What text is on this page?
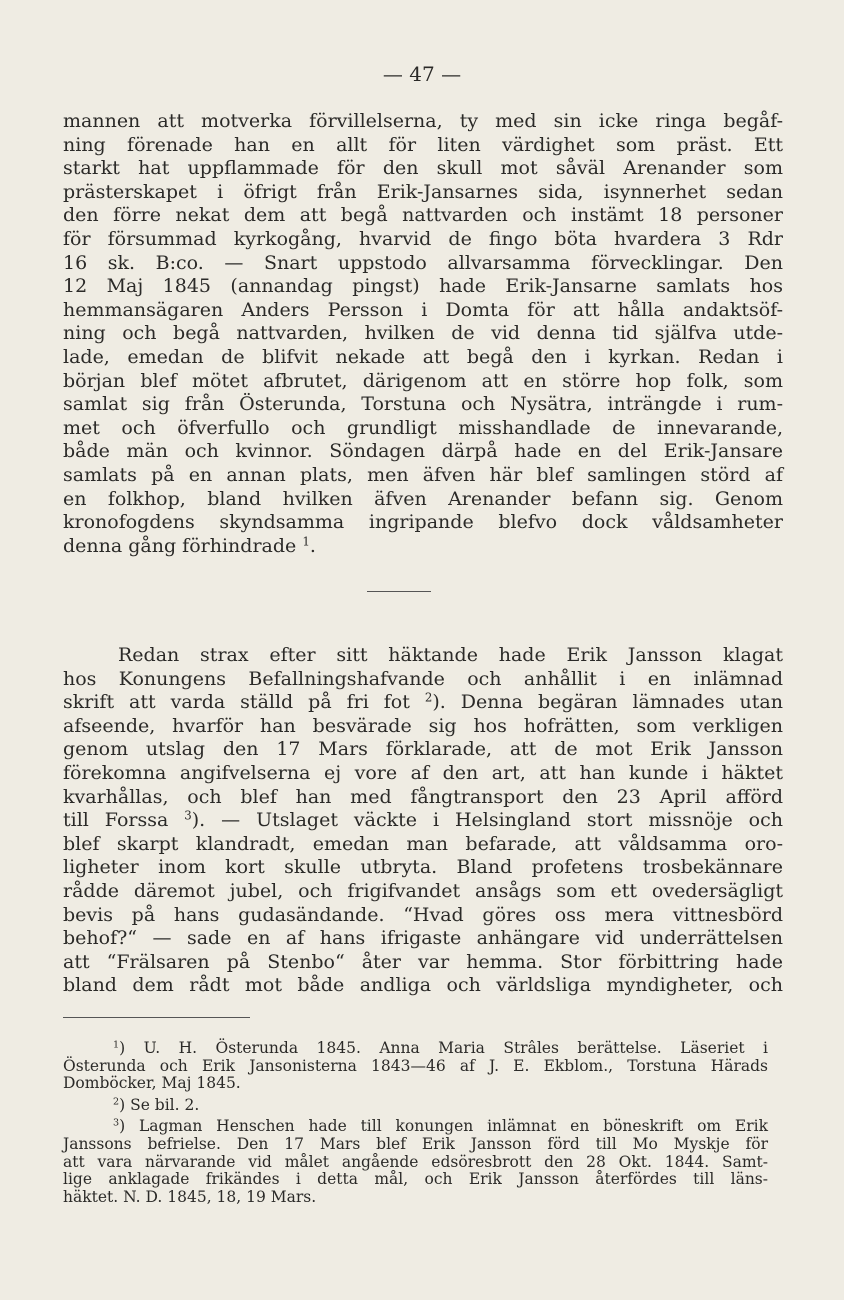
— 47 —
mannen att motverka förvillelserna, ty med sin icke ringa begåf-
ning förenade han en allt för liten värdighet som präst. Ett
starkt hat uppflammade för den skull mot såväl Arenander som
prästerskapet i öfrigt från Erik-Jansarnes sida, isynnerhet sedan
den förre nekat dem att begå nattvarden och instämt 18 personer
för försummad kyrkogång, hvarvid de fingo böta hvardera 3 Rdr
16 sk. B:co. — Snart uppstodo allvarsamma förvecklingar. Den
12 Maj 1845 (annandag pingst) hade Erik-Jansarne samlats hos
hemmansägaren Anders Persson i Domta för att hålla andaktsöf-
ning och begå nattvarden, hvilken de vid denna tid själfva utde-
lade, emedan de blifvit nekade att begå den i kyrkan. Redan i
början blef mötet afbrutet, därigenom att en större hop folk, som
samlat sig från Österunda, Torstuna och Nysätra, inträngde i rum-
met och öfverfullo och grundligt misshandlade de innevarande,
både män och kvinnor. Söndagen därpå hade en del Erik-Jansare
samlats på en annan plats, men äfven här blef samlingen störd af
en folkhop, bland hvilken äfven Arenander befann sig. Genom
kronofogdens skyndsamma ingripande blefvo dock våldsamheter
denna gång förhindrade $^1$.
Redan strax efter sitt häktande hade Erik Jansson klagat
hos Konungens Befallningshafvande och anhållit i en inlämnad
skrift att varda ställd på fri fot $^2$). Denna begäran lämnades utan
afseende, hvarför han besvärade sig hos hofrätten, som verkligen
genom utslag den 17 Mars förklarade, att de mot Erik Jansson
förekomna angifvelserna ej vore af den art, att han kunde i häktet
kvarhållas, och blef han med fångtransport den 23 April afförd
till Forssa $^3$). — Utslaget väckte i Helsingland stort missnöje och
blef skarpt klandradt, emedan man befarade, att våldsamma oro-
ligheter inom kort skulle utbryta. Bland profetens trosbekännare
rådde däremot jubel, och frigifvandet ansågs som ett ovedersägligt
bevis på hans gudasändande. “Hvad göres oss mera vittnesbörd
behof?“ — sade en af hans ifrigaste anhängare vid underrättelsen
att “Frälsaren på Stenbo“ åter var hemma. Stor förbittring hade
bland dem rådt mot både andliga och världsliga myndigheter, och
$^1$) U. H. Österunda 1845. Anna Maria Strâles berättelse. Läseriet i
Österunda och Erik Jansonisterna 1843—46 af J. E. Ekblom., Torstuna Härads
Domböcker, Maj 1845.
$^2$) Se bil. 2.
$^3$) Lagman Henschen hade till konungen inlämnat en böneskrift om Erik
Janssons befrielse. Den 17 Mars blef Erik Jansson förd till Mo Myskje för
att vara närvarande vid målet angående edsöresbrott den 28 Okt. 1844. Samt-
lige anklagade frikändes i detta mål, och Erik Jansson återfördes till läns-
häktet. N. D. 1845, 18, 19 Mars.
